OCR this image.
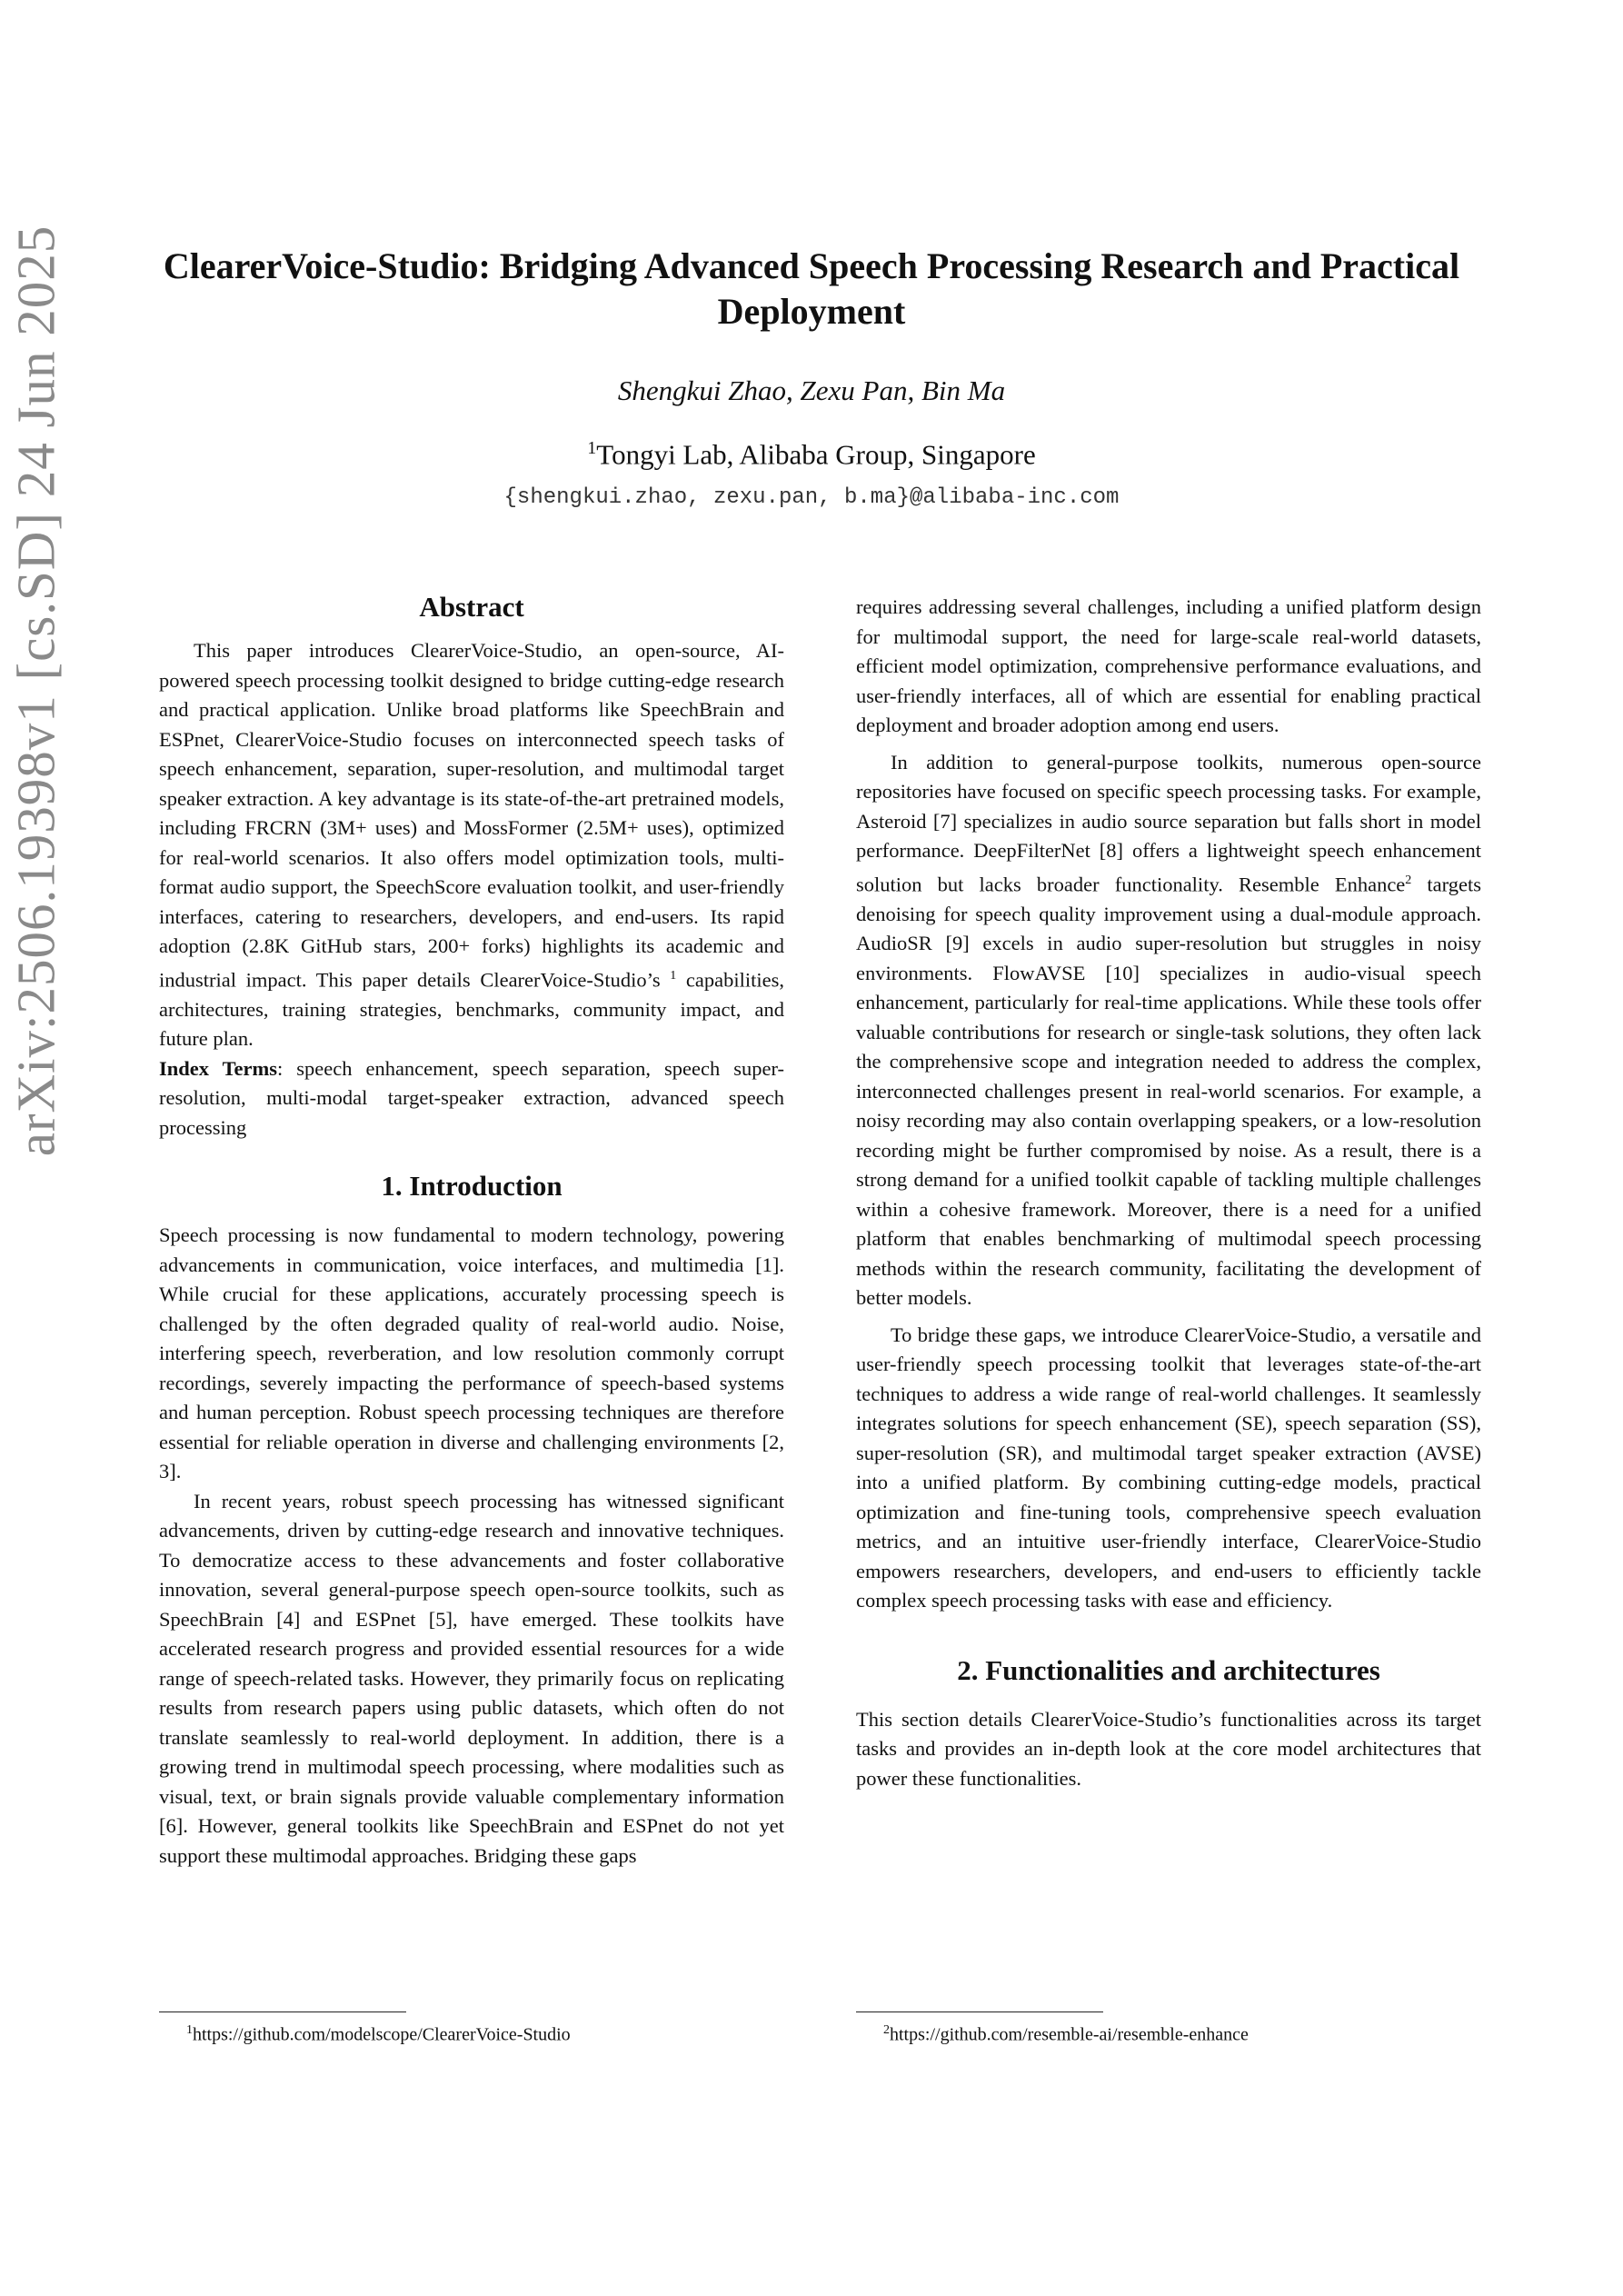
arXiv:2506.19398v1 [cs.SD] 24 Jun 2025	ClearerVoice-Studio: Bridging Advanced Speech Processing Research and Practical Deployment

Shengkui Zhao, Zexu Pan, Bin Ma

$^1$Tongyi Lab, Alibaba Group, Singapore

{shengkui.zhao, zexu.pan, b.ma}@alibaba-inc.com

Abstract

This paper introduces ClearerVoice-Studio, an open-source, AI-powered speech processing toolkit designed to bridge cutting-edge research and practical application. Unlike broad platforms like SpeechBrain and ESPnet, ClearerVoice-Studio focuses on interconnected speech tasks of speech enhancement, separation, super-resolution, and multimodal target speaker extraction. A key advantage is its state-of-the-art pretrained models, including FRCRN (3M+ uses) and MossFormer (2.5M+ uses), optimized for real-world scenarios. It also offers model optimization tools, multi-format audio support, the SpeechScore evaluation toolkit, and user-friendly interfaces, catering to researchers, developers, and end-users. Its rapid adoption (2.8K GitHub stars, 200+ forks) highlights its academic and industrial impact. This paper details ClearerVoice-Studio’s $^1$ capabilities, architectures, training strategies, benchmarks, community impact, and future plan.

Index Terms: speech enhancement, speech separation, speech super-resolution, multi-modal target-speaker extraction, advanced speech processing

1. Introduction

Speech processing is now fundamental to modern technology, powering advancements in communication, voice interfaces, and multimedia [1]. While crucial for these applications, accurately processing speech is challenged by the often degraded quality of real-world audio. Noise, interfering speech, reverberation, and low resolution commonly corrupt recordings, severely impacting the performance of speech-based systems and human perception. Robust speech processing techniques are therefore essential for reliable operation in diverse and challenging environments [2, 3].

In recent years, robust speech processing has witnessed significant advancements, driven by cutting-edge research and innovative techniques. To democratize access to these advancements and foster collaborative innovation, several general-purpose speech open-source toolkits, such as SpeechBrain [4] and ESPnet [5], have emerged. These toolkits have accelerated research progress and provided essential resources for a wide range of speech-related tasks. However, they primarily focus on replicating results from research papers using public datasets, which often do not translate seamlessly to real-world deployment. In addition, there is a growing trend in multimodal speech processing, where modalities such as visual, text, or brain signals provide valuable complementary information [6]. However, general toolkits like SpeechBrain and ESPnet do not yet support these multimodal approaches. Bridging these gaps

requires addressing several challenges, including a unified platform design for multimodal support, the need for large-scale real-world datasets, efficient model optimization, comprehensive performance evaluations, and user-friendly interfaces, all of which are essential for enabling practical deployment and broader adoption among end users.

In addition to general-purpose toolkits, numerous open-source repositories have focused on specific speech processing tasks. For example, Asteroid [7] specializes in audio source separation but falls short in model performance. DeepFilterNet [8] offers a lightweight speech enhancement solution but lacks broader functionality. Resemble Enhance$^2$ targets denoising for speech quality improvement using a dual-module approach. AudioSR [9] excels in audio super-resolution but struggles in noisy environments. FlowAVSE [10] specializes in audio-visual speech enhancement, particularly for real-time applications. While these tools offer valuable contributions for research or single-task solutions, they often lack the comprehensive scope and integration needed to address the complex, interconnected challenges present in real-world scenarios. For example, a noisy recording may also contain overlapping speakers, or a low-resolution recording might be further compromised by noise. As a result, there is a strong demand for a unified toolkit capable of tackling multiple challenges within a cohesive framework. Moreover, there is a need for a unified platform that enables benchmarking of multimodal speech processing methods within the research community, facilitating the development of better models.

To bridge these gaps, we introduce ClearerVoice-Studio, a versatile and user-friendly speech processing toolkit that leverages state-of-the-art techniques to address a wide range of real-world challenges. It seamlessly integrates solutions for speech enhancement (SE), speech separation (SS), super-resolution (SR), and multimodal target speaker extraction (AVSE) into a unified platform. By combining cutting-edge models, practical optimization and fine-tuning tools, comprehensive speech evaluation metrics, and an intuitive user-friendly interface, ClearerVoice-Studio empowers researchers, developers, and end-users to efficiently tackle complex speech processing tasks with ease and efficiency.

2. Functionalities and architectures

This section details ClearerVoice-Studio’s functionalities across its target tasks and provides an in-depth look at the core model architectures that power these functionalities.

$^1$https://github.com/modelscope/ClearerVoice-Studio	$^2$https://github.com/resemble-ai/resemble-enhance
